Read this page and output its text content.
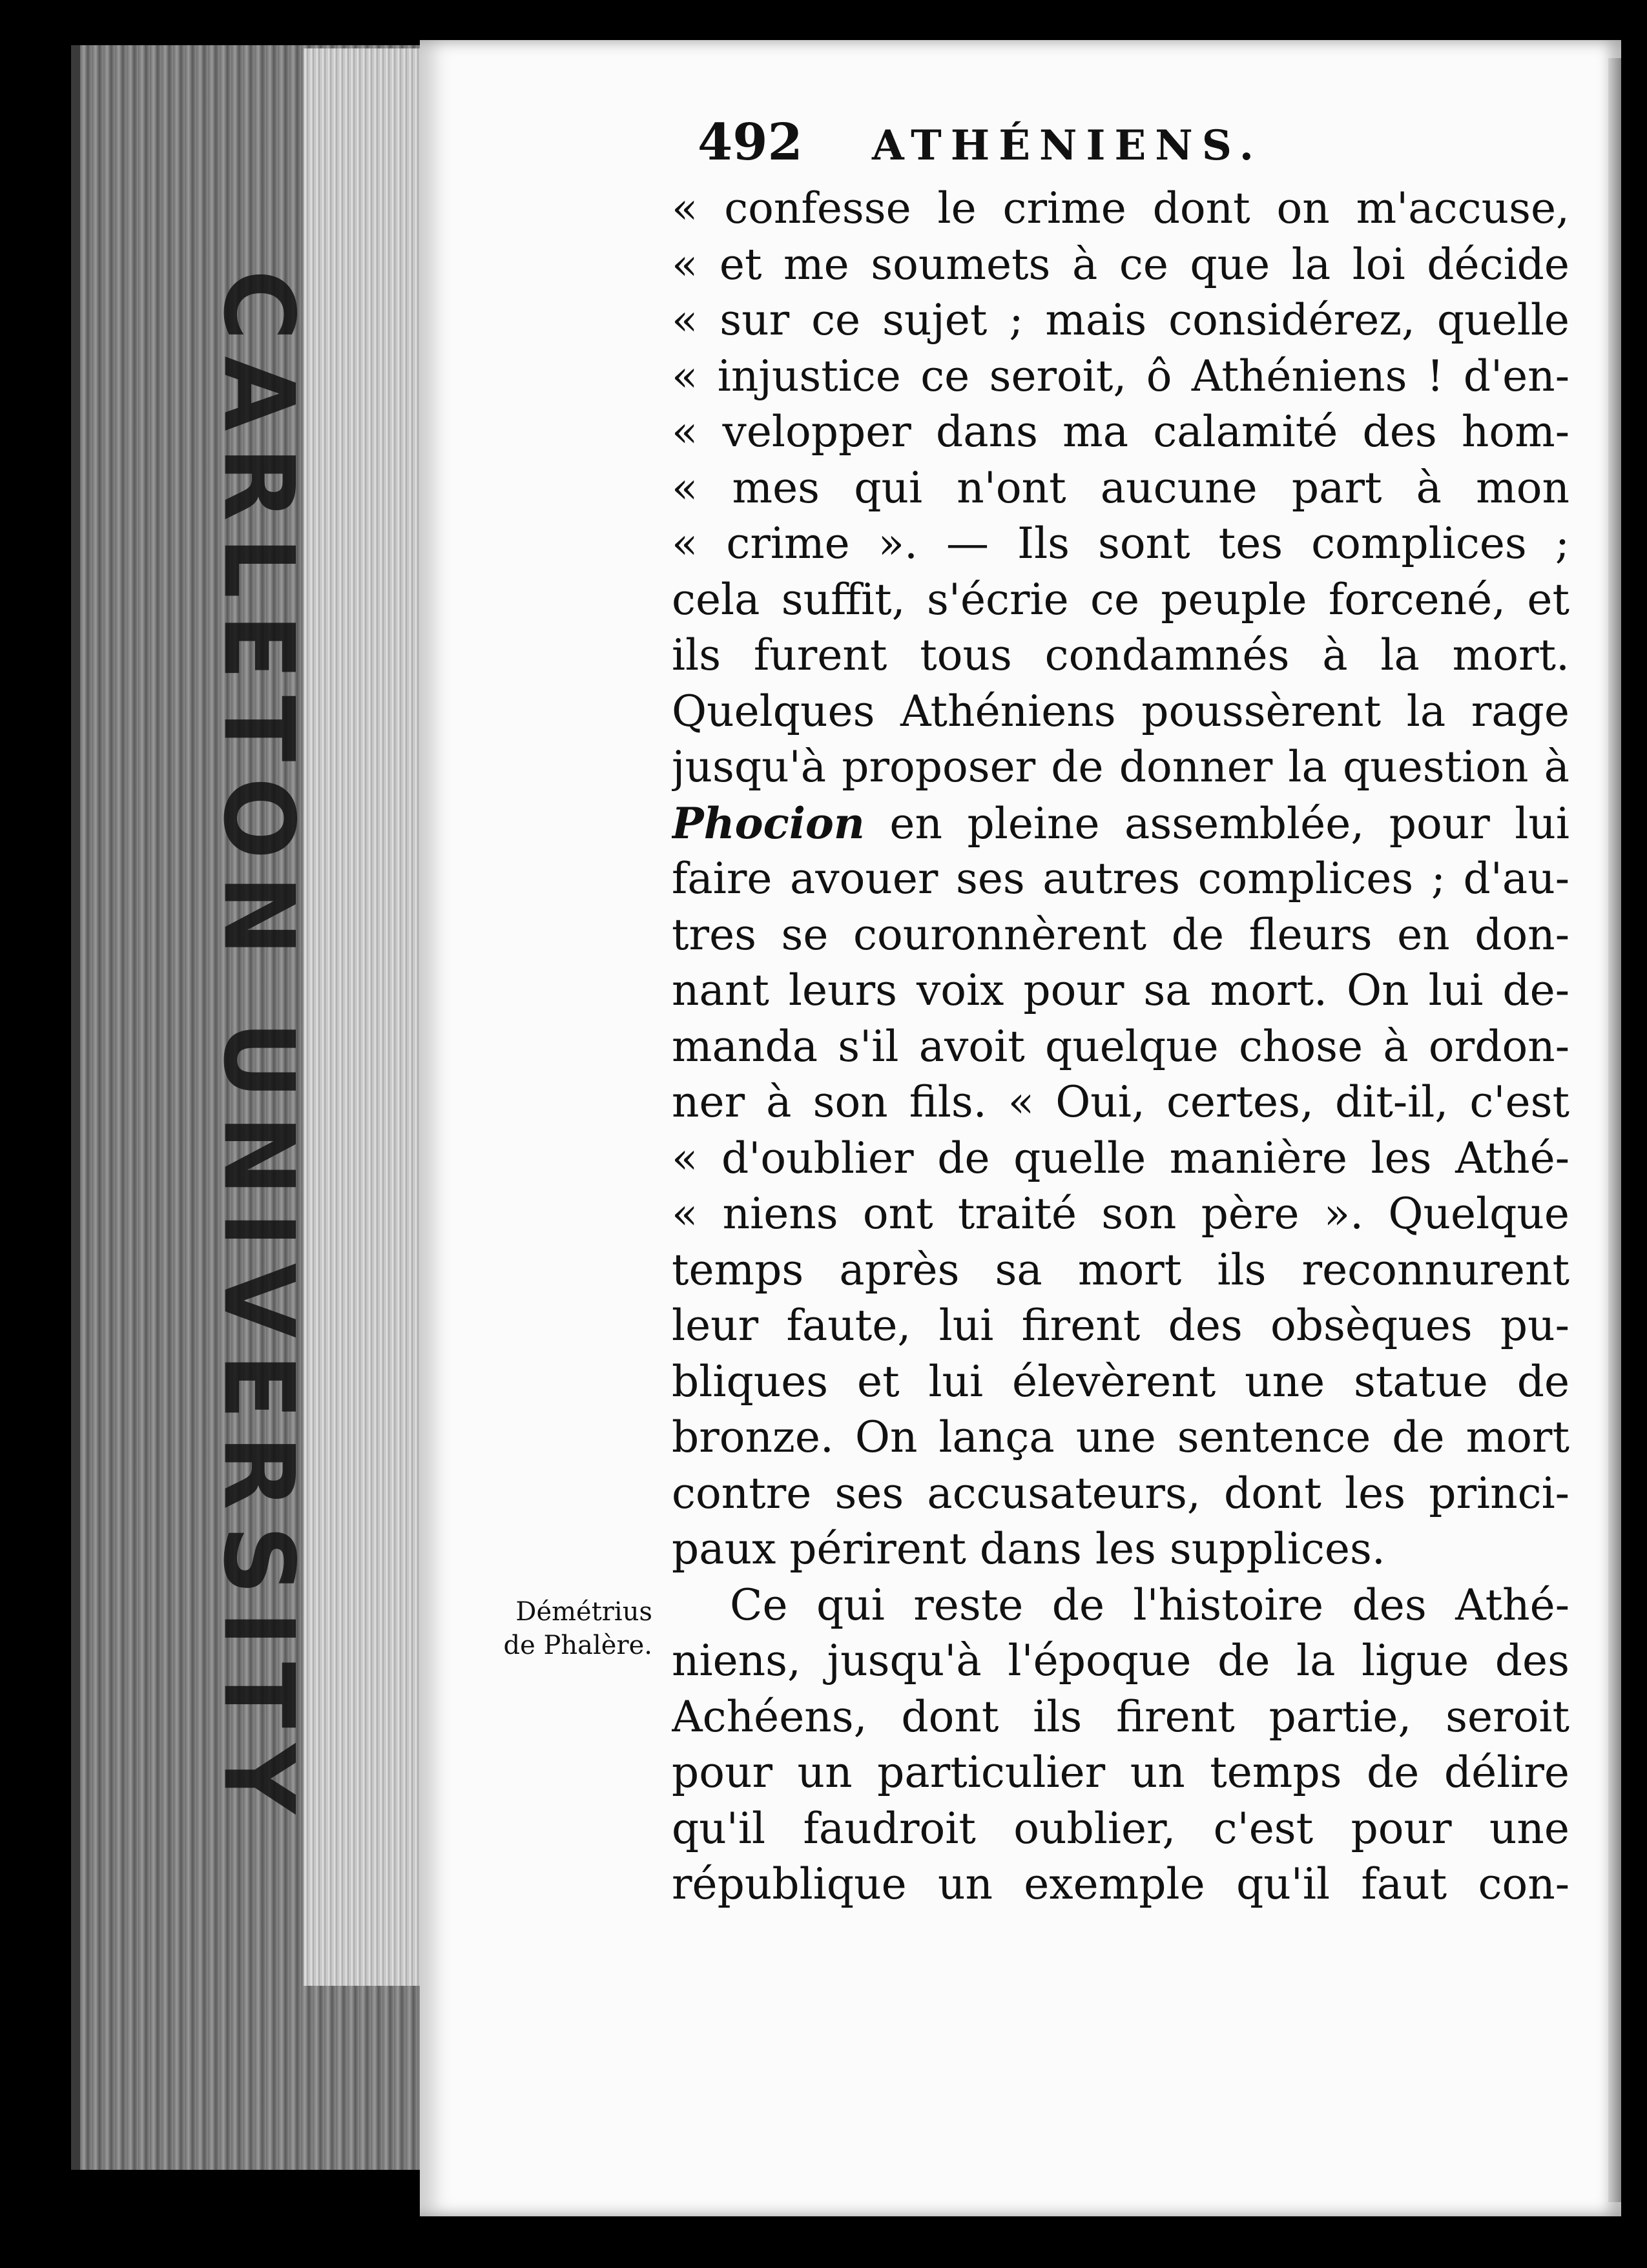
CARLETON UNIVERSITY
492	ATHÉNIENS.
Démétrius
de Phalère.
« confesse le crime dont on m'accuse,
« et me soumets à ce que la loi décide
« sur ce sujet ; mais considérez, quelle
« injustice ce seroit, ô Athéniens ! d'en-
« velopper dans ma calamité des hom-
« mes qui n'ont aucune part à mon
« crime ». — Ils sont tes complices ;
cela suffit, s'écrie ce peuple forcené, et
ils furent tous condamnés à la mort.
Quelques Athéniens poussèrent la rage
jusqu'à proposer de donner la question à
Phocion en pleine assemblée, pour lui
faire avouer ses autres complices ; d'au-
tres se couronnèrent de fleurs en don-
nant leurs voix pour sa mort. On lui de-
manda s'il avoit quelque chose à ordon-
ner à son fils. « Oui, certes, dit-il, c'est
« d'oublier de quelle manière les Athé-
« niens ont traité son père ». Quelque
temps après sa mort ils reconnurent
leur faute, lui firent des obsèques pu-
bliques et lui élevèrent une statue de
bronze. On lança une sentence de mort
contre ses accusateurs, dont les princi-
paux périrent dans les supplices.
Ce qui reste de l'histoire des Athé-
niens, jusqu'à l'époque de la ligue des
Achéens, dont ils firent partie, seroit
pour un particulier un temps de délire
qu'il faudroit oublier, c'est pour une
république un exemple qu'il faut con-
